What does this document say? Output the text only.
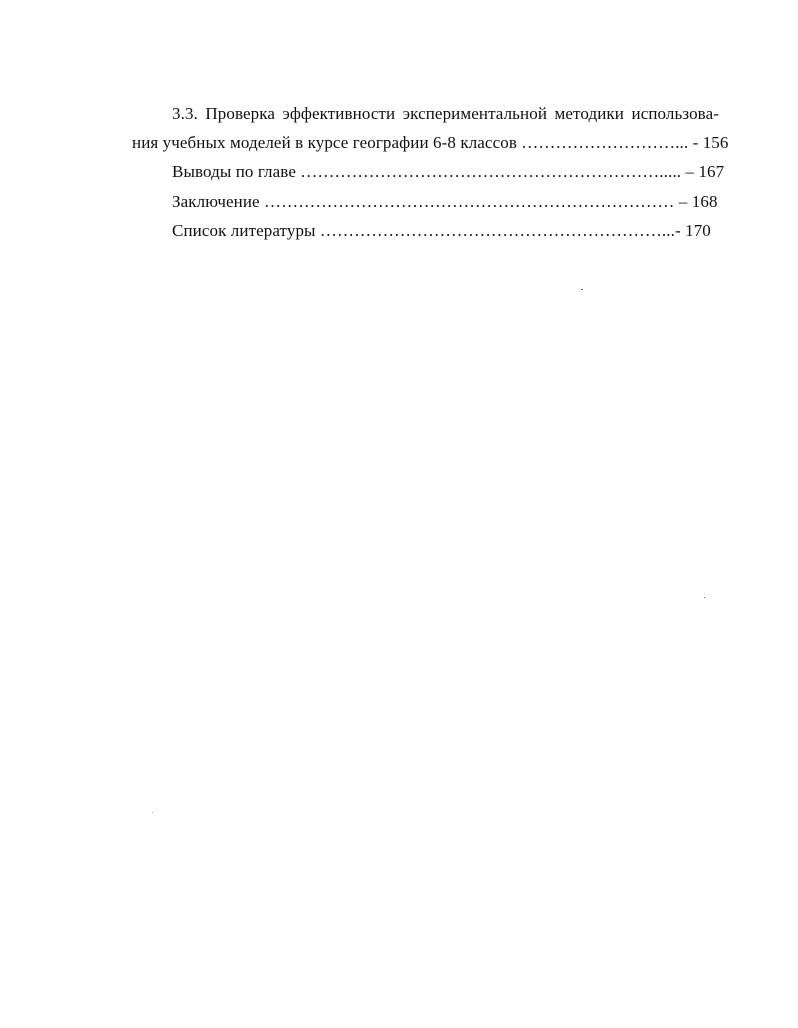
3.3. Проверка эффективности экспериментальной методики использова-
ния учебных моделей в курсе географии 6-8 классов ………………………... - 156
Выводы по главе ………………………………………………………..... – 167
Заключение ……………………………………………………………… – 168
Список литературы ……………………………………………………...- 170
